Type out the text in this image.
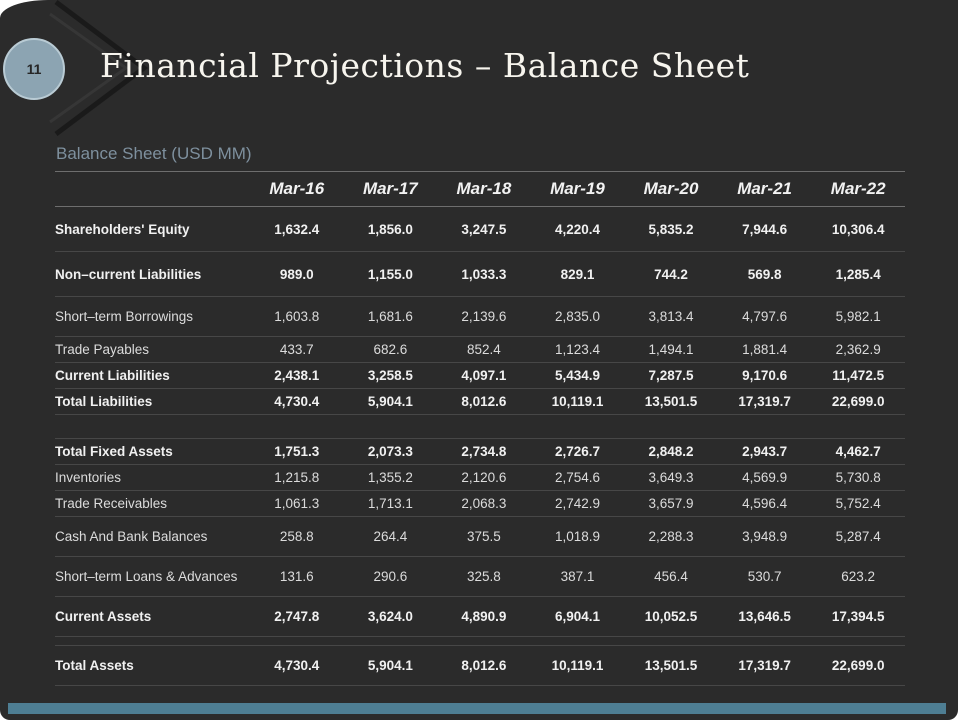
11 Financial Projections – Balance Sheet
Balance Sheet (USD MM)
	Mar-16	Mar-17	Mar-18	Mar-19	Mar-20	Mar-21	Mar-22
Shareholders' Equity	1,632.4	1,856.0	3,247.5	4,220.4	5,835.2	7,944.6	10,306.4
Non–current Liabilities	989.0	1,155.0	1,033.3	829.1	744.2	569.8	1,285.4
Short–term Borrowings	1,603.8	1,681.6	2,139.6	2,835.0	3,813.4	4,797.6	5,982.1
Trade Payables	433.7	682.6	852.4	1,123.4	1,494.1	1,881.4	2,362.9
Current Liabilities	2,438.1	3,258.5	4,097.1	5,434.9	7,287.5	9,170.6	11,472.5
Total Liabilities	4,730.4	5,904.1	8,012.6	10,119.1	13,501.5	17,319.7	22,699.0

Total Fixed Assets	1,751.3	2,073.3	2,734.8	2,726.7	2,848.2	2,943.7	4,462.7
Inventories	1,215.8	1,355.2	2,120.6	2,754.6	3,649.3	4,569.9	5,730.8
Trade Receivables	1,061.3	1,713.1	2,068.3	2,742.9	3,657.9	4,596.4	5,752.4
Cash And Bank Balances	258.8	264.4	375.5	1,018.9	2,288.3	3,948.9	5,287.4
Short–term Loans & Advances	131.6	290.6	325.8	387.1	456.4	530.7	623.2
Current Assets	2,747.8	3,624.0	4,890.9	6,904.1	10,052.5	13,646.5	17,394.5

Total Assets	4,730.4	5,904.1	8,012.6	10,119.1	13,501.5	17,319.7	22,699.0
